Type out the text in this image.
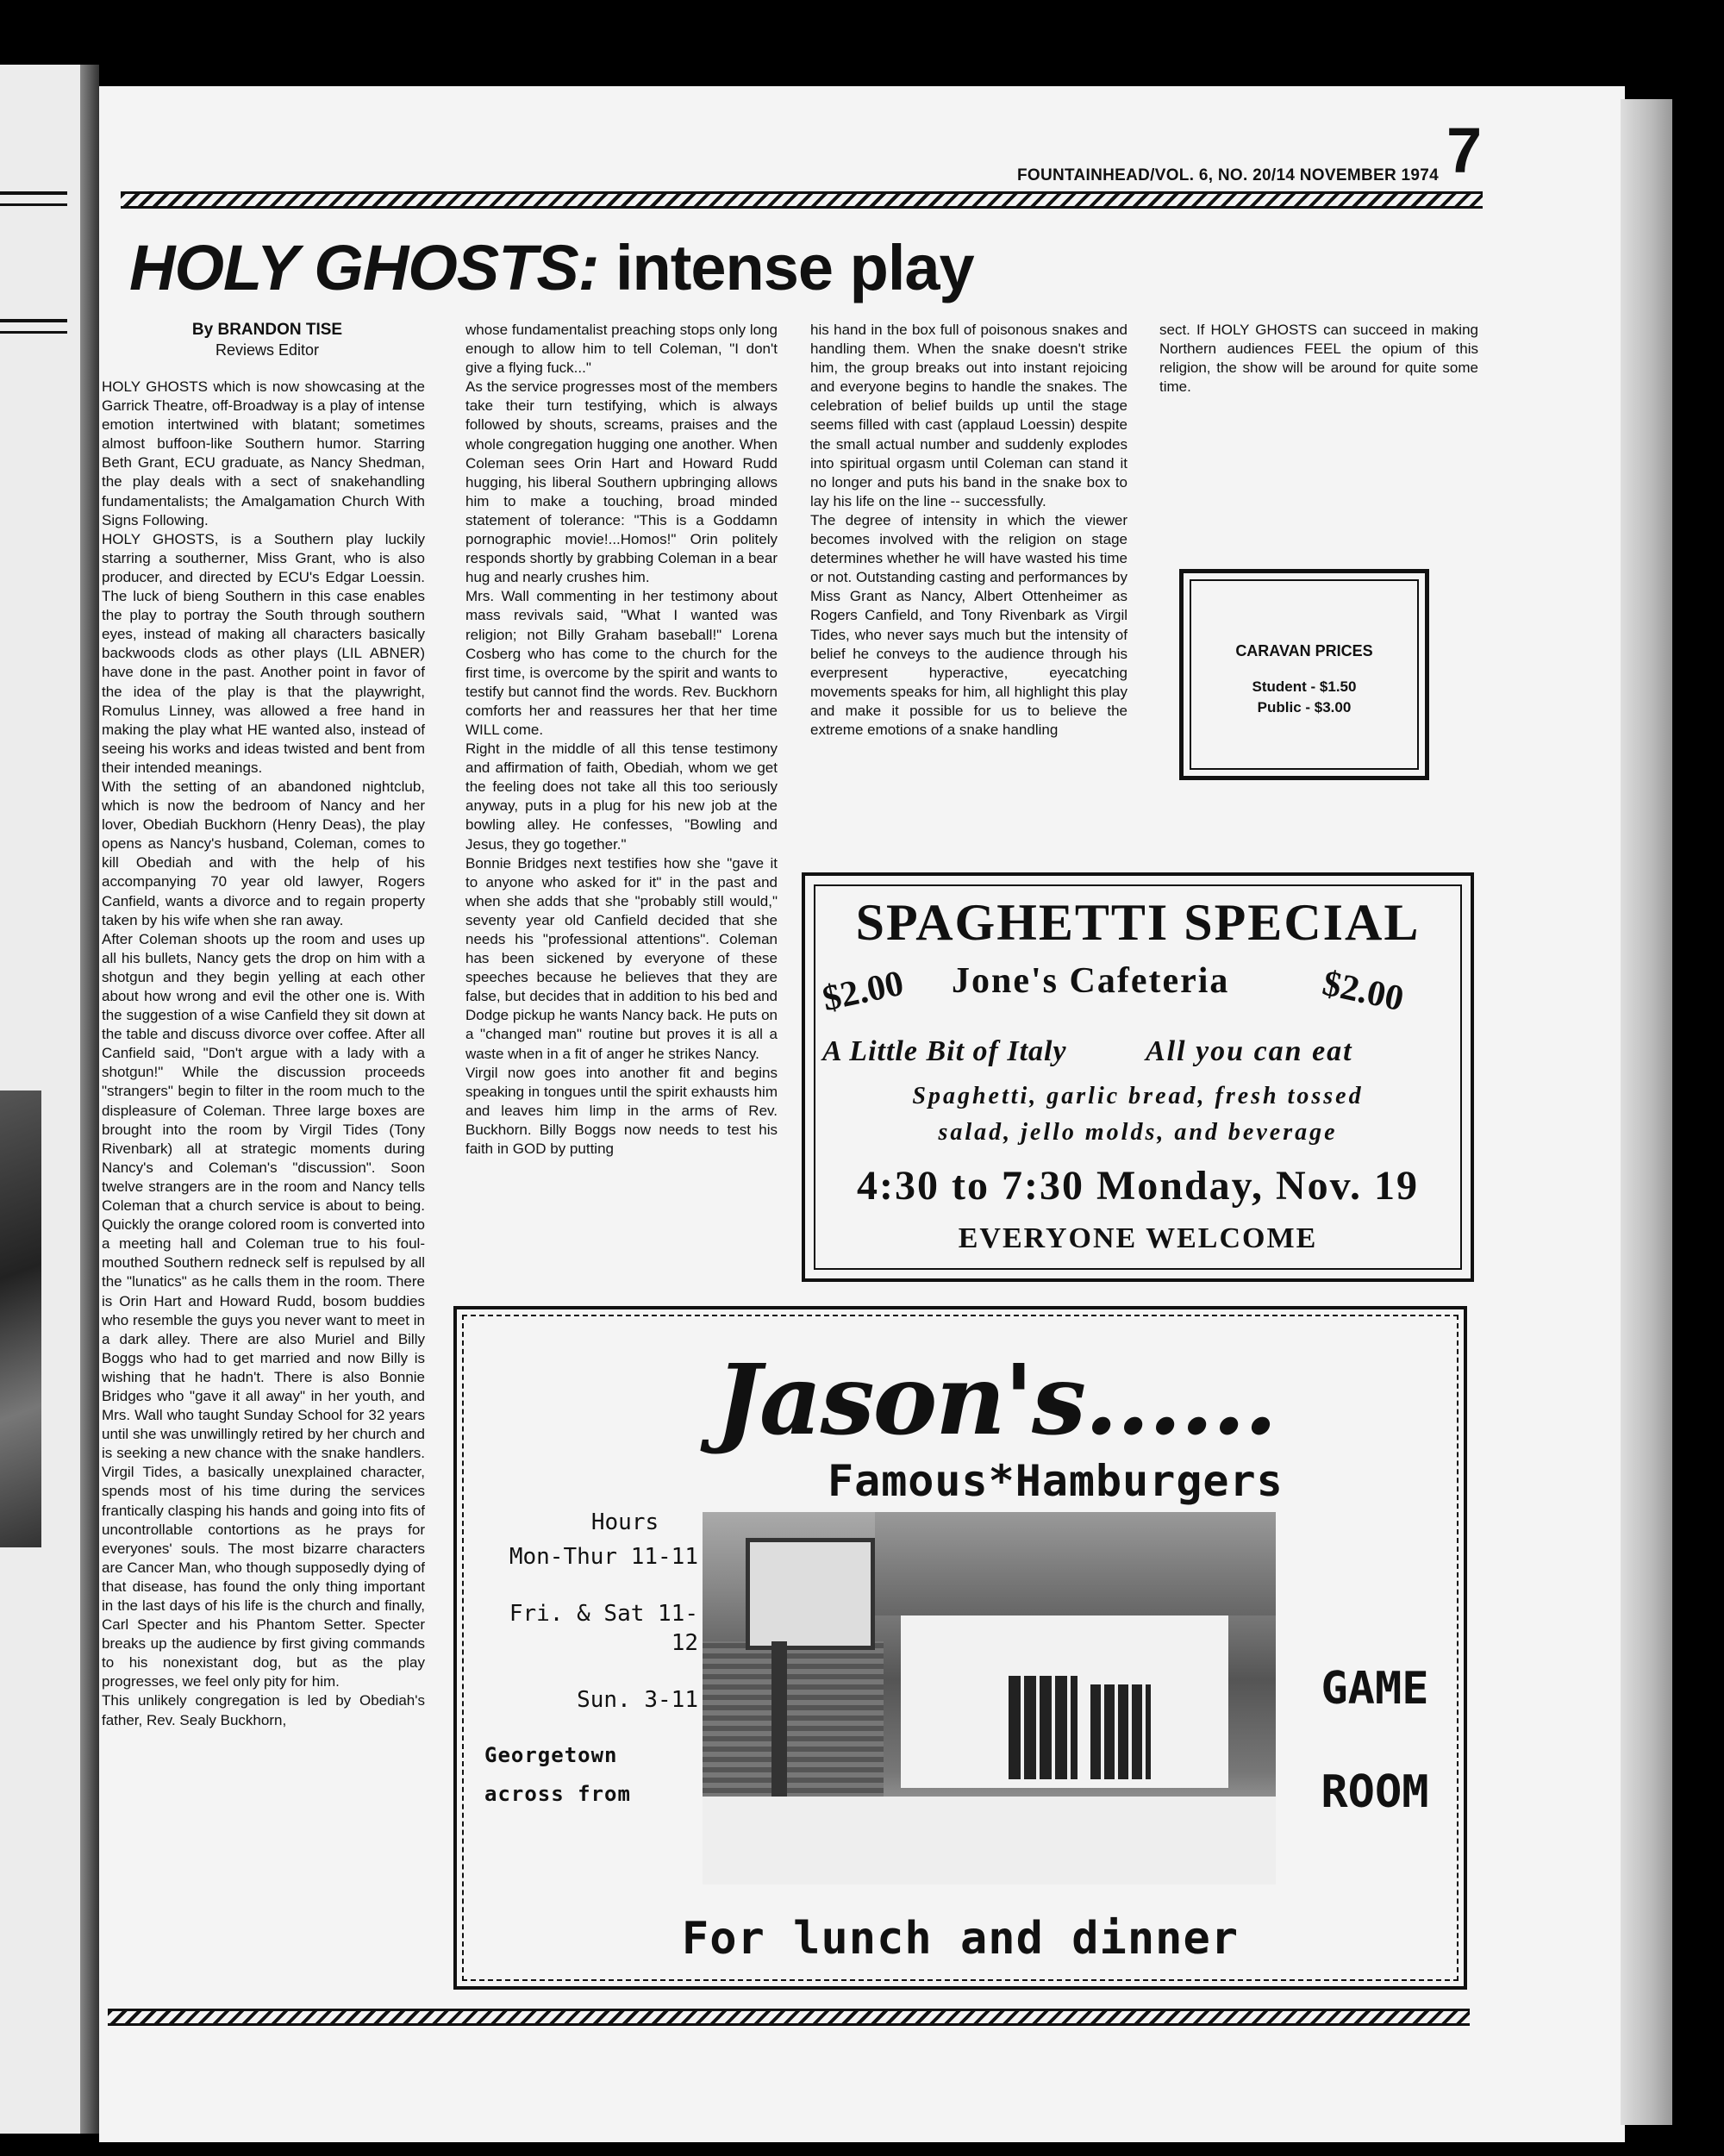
FOUNTAINHEAD/VOL. 6, NO. 20/14 NOVEMBER 1974 7
HOLY GHOSTS: intense play
By BRANDON TISE
Reviews Editor
HOLY GHOSTS which is now showcasing at the Garrick Theatre, off-Broadway is a play of intense emotion intertwined with blatant; sometimes almost buffoon-like Southern humor. Starring Beth Grant, ECU graduate, as Nancy Shedman, the play deals with a sect of snakehandling fundamentalists; the Amalgamation Church With Signs Following.
HOLY GHOSTS, is a Southern play luckily starring a southerner, Miss Grant, who is also producer, and directed by ECU's Edgar Loessin. The luck of bieng Southern in this case enables the play to portray the South through southern eyes, instead of making all characters basically backwoods clods as other plays (LIL ABNER) have done in the past. Another point in favor of the idea of the play is that the playwright, Romulus Linney, was allowed a free hand in making the play what HE wanted also, instead of seeing his works and ideas twisted and bent from their intended meanings.
With the setting of an abandoned nightclub, which is now the bedroom of Nancy and her lover, Obediah Buckhorn (Henry Deas), the play opens as Nancy's husband, Coleman, comes to kill Obediah and with the help of his accompanying 70 year old lawyer, Rogers Canfield, wants a divorce and to regain property taken by his wife when she ran away.
After Coleman shoots up the room and uses up all his bullets, Nancy gets the drop on him with a shotgun and they begin yelling at each other about how wrong and evil the other one is. With the suggestion of a wise Canfield they sit down at the table and discuss divorce over coffee. After all Canfield said, "Don't argue with a lady with a shotgun!" While the discussion proceeds "strangers" begin to filter in the room much to the displeasure of Coleman. Three large boxes are brought into the room by Virgil Tides (Tony Rivenbark) all at strategic moments during Nancy's and Coleman's "discussion". Soon twelve strangers are in the room and Nancy tells Coleman that a church service is about to being. Quickly the orange colored room is converted into a meeting hall and Coleman true to his foul-mouthed Southern redneck self is repulsed by all the "lunatics" as he calls them in the room. There is Orin Hart and Howard Rudd, bosom buddies who resemble the guys you never want to meet in a dark alley. There are also Muriel and Billy Boggs who had to get married and now Billy is wishing that he hadn't. There is also Bonnie Bridges who "gave it all away" in her youth, and Mrs. Wall who taught Sunday School for 32 years until she was unwillingly retired by her church and is seeking a new chance with the snake handlers. Virgil Tides, a basically unexplained character, spends most of his time during the services frantically clasping his hands and going into fits of uncontrollable contortions as he prays for everyones' souls. The most bizarre characters are Cancer Man, who though supposedly dying of that disease, has found the only thing important in the last days of his life is the church and finally, Carl Specter and his Phantom Setter. Specter breaks up the audience by first giving commands to his nonexistant dog, but as the play progresses, we feel only pity for him.
This unlikely congregation is led by Obediah's father, Rev. Sealy Buckhorn,
whose fundamentalist preaching stops only long enough to allow him to tell Coleman, "I don't give a flying fuck..."
As the service progresses most of the members take their turn testifying, which is always followed by shouts, screams, praises and the whole congregation hugging one another. When Coleman sees Orin Hart and Howard Rudd hugging, his liberal Southern upbringing allows him to make a touching, broad minded statement of tolerance: "This is a Goddamn pornographic movie!...Homos!" Orin politely responds shortly by grabbing Coleman in a bear hug and nearly crushes him.
Mrs. Wall commenting in her testimony about mass revivals said, "What I wanted was religion; not Billy Graham baseball!" Lorena Cosberg who has come to the church for the first time, is overcome by the spirit and wants to testify but cannot find the words. Rev. Buckhorn comforts her and reassures her that her time WILL come.
Right in the middle of all this tense testimony and affirmation of faith, Obediah, whom we get the feeling does not take all this too seriously anyway, puts in a plug for his new job at the bowling alley. He confesses, "Bowling and Jesus, they go together."
Bonnie Bridges next testifies how she "gave it to anyone who asked for it" in the past and when she adds that she "probably still would," seventy year old Canfield decided that she needs his "professional attentions". Coleman has been sickened by everyone of these speeches because he believes that they are false, but decides that in addition to his bed and Dodge pickup he wants Nancy back. He puts on a "changed man" routine but proves it is all a waste when in a fit of anger he strikes Nancy.
Virgil now goes into another fit and begins speaking in tongues until the spirit exhausts him and leaves him limp in the arms of Rev. Buckhorn. Billy Boggs now needs to test his faith in GOD by putting
his hand in the box full of poisonous snakes and handling them. When the snake doesn't strike him, the group breaks out into instant rejoicing and everyone begins to handle the snakes. The celebration of belief builds up until the stage seems filled with cast (applaud Loessin) despite the small actual number and suddenly explodes into spiritual orgasm until Coleman can stand it no longer and puts his band in the snake box to lay his life on the line -- successfully.
The degree of intensity in which the viewer becomes involved with the religion on stage determines whether he will have wasted his time or not. Outstanding casting and performances by Miss Grant as Nancy, Albert Ottenheimer as Rogers Canfield, and Tony Rivenbark as Virgil Tides, who never says much but the intensity of belief he conveys to the audience through his everpresent hyperactive, eyecatching movements speaks for him, all highlight this play and make it possible for us to believe the extreme emotions of a snake handling
sect. If HOLY GHOSTS can succeed in making Northern audiences FEEL the opium of this religion, the show will be around for quite some time.
CARAVAN PRICES
Student - $1.50
Public - $3.00
SPAGHETTI SPECIAL
$2.00 Jone's Cafeteria $2.00
A Little Bit of Italy	All you can eat
Spaghetti, garlic bread, fresh tossed
salad, jello molds, and beverage
4:30 to 7:30 Monday, Nov. 19
EVERYONE WELCOME
Jason's......
Famous*Hamburgers
Hours
Mon-Thur 11-11
Fri. & Sat 11-12
Sun. 3-11
Georgetown
across from
GAME
ROOM
For lunch and dinner
